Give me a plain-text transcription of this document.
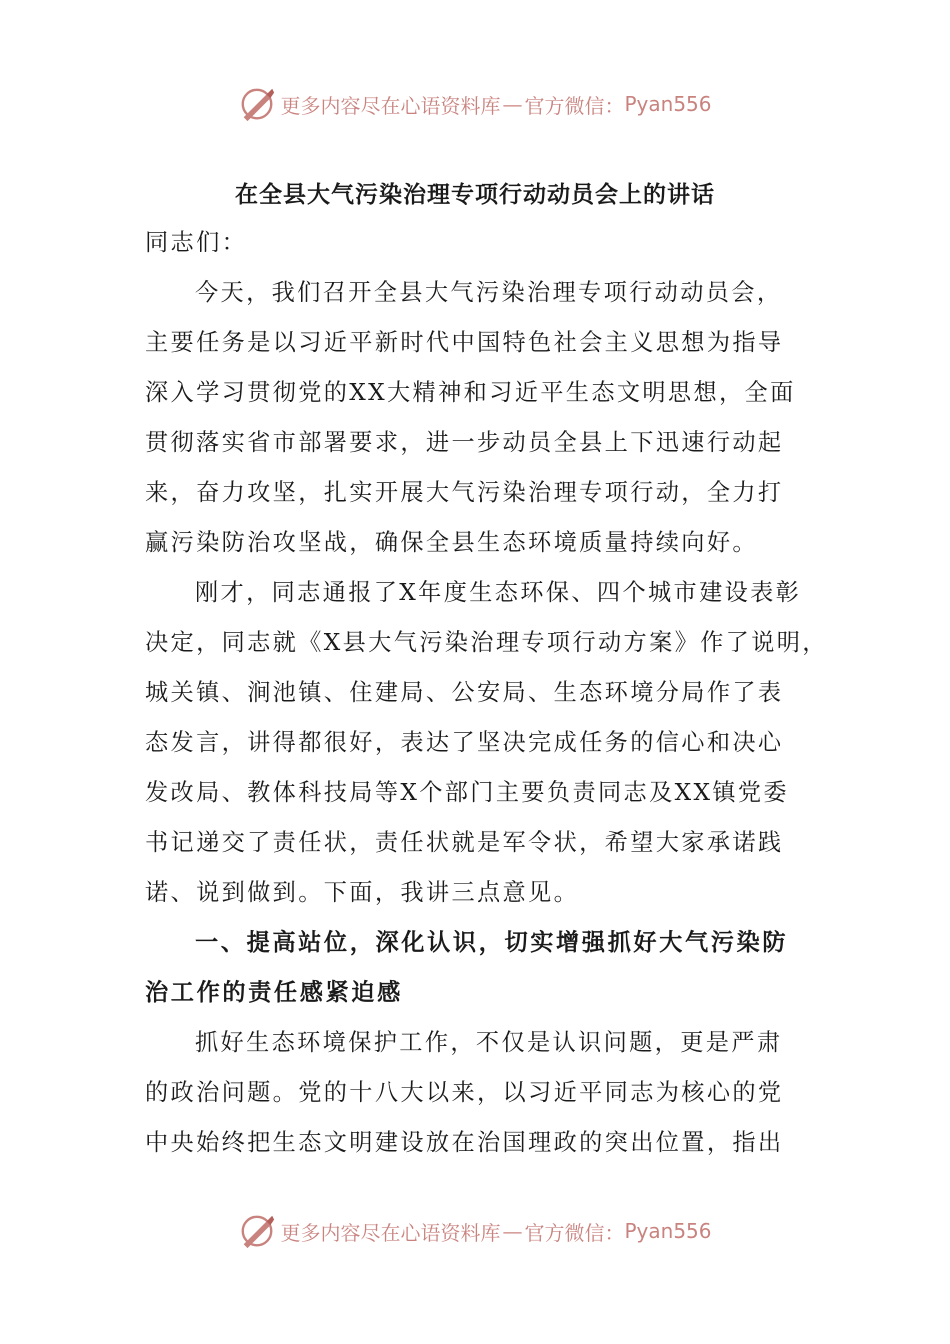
更多内容尽在心语资料库 — 官方微信： Pyan556
在全县大气污染治理专项行动动员会上的讲话
同志们：
今天，我们召开全县大气污染治理专项行动动员会，
主要任务是以习近平新时代中国特色社会主义思想为指导
深入学习贯彻党的XX大精神和习近平生态文明思想，全面
贯彻落实省市部署要求，进一步动员全县上下迅速行动起
来，奋力攻坚，扎实开展大气污染治理专项行动，全力打
赢污染防治攻坚战，确保全县生态环境质量持续向好。
刚才，同志通报了X年度生态环保、四个城市建设表彰
决定，同志就《X县大气污染治理专项行动方案》作了说明，
城关镇、涧池镇、住建局、公安局、生态环境分局作了表
态发言，讲得都很好，表达了坚决完成任务的信心和决心
发改局、教体科技局等X个部门主要负责同志及XX镇党委
书记递交了责任状，责任状就是军令状，希望大家承诺践
诺、说到做到。下面，我讲三点意见。
一、提高站位，深化认识，切实增强抓好大气污染防
治工作的责任感紧迫感
抓好生态环境保护工作，不仅是认识问题，更是严肃
的政治问题。党的十八大以来，以习近平同志为核心的党
中央始终把生态文明建设放在治国理政的突出位置，指出
更多内容尽在心语资料库 — 官方微信： Pyan556
